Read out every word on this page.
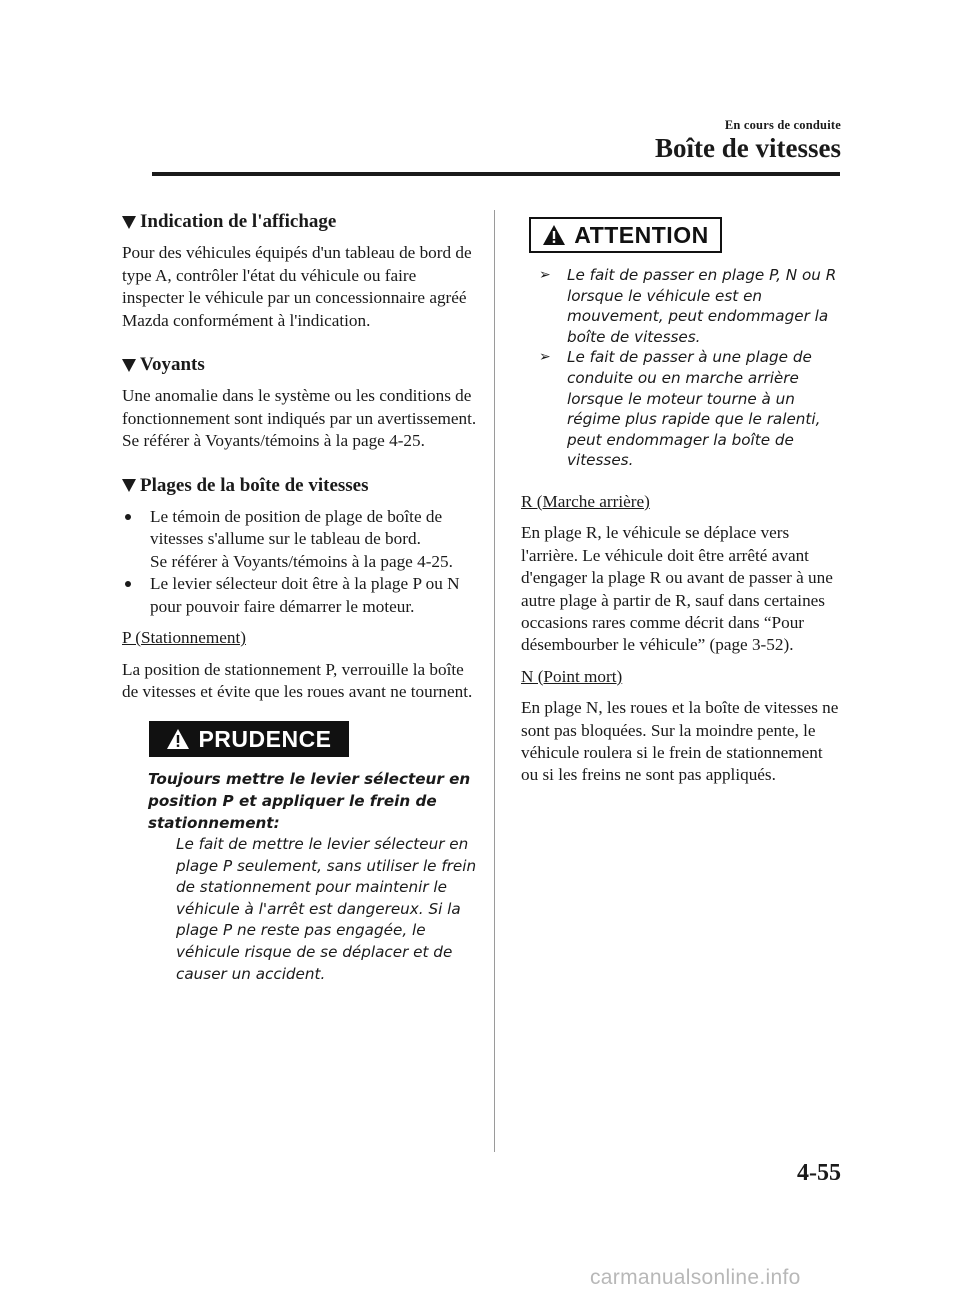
En cours de conduite
Boîte de vitesses
Indication de l'affichage

Pour des véhicules équipés d'un tableau de bord de type A, contrôler l'état du véhicule ou faire inspecter le véhicule par un concessionnaire agréé Mazda conformément à l'indication.

Voyants

Une anomalie dans le système ou les conditions de fonctionnement sont indiqués par un avertissement.

Se référer à Voyants/témoins à la page 4-25.

Plages de la boîte de vitesses
Le témoin de position de plage de boîte de vitesses s'allume sur le tableau de bord.
Se référer à Voyants/témoins à la page 4-25.
Le levier sélecteur doit être à la plage P ou N pour pouvoir faire démarrer le moteur.

P (Stationnement)

La position de stationnement P, verrouille la boîte de vitesses et évite que les roues avant ne tournent.

PRUDENCE
Toujours mettre le levier sélecteur en position P et appliquer le frein de stationnement:
Le fait de mettre le levier sélecteur en plage P seulement, sans utiliser le frein de stationnement pour maintenir le véhicule à l'arrêt est dangereux. Si la plage P ne reste pas engagée, le véhicule risque de se déplacer et de causer un accident.
ATTENTION
➢ Le fait de passer en plage P, N ou R lorsque le véhicule est en mouvement, peut endommager la boîte de vitesses.
➢ Le fait de passer à une plage de conduite ou en marche arrière lorsque le moteur tourne à un régime plus rapide que le ralenti, peut endommager la boîte de vitesses.

R (Marche arrière)

En plage R, le véhicule se déplace vers l'arrière. Le véhicule doit être arrêté avant d'engager la plage R ou avant de passer à une autre plage à partir de R, sauf dans certaines occasions rares comme décrit dans “Pour désembourber le véhicule” (page 3-52).

N (Point mort)

En plage N, les roues et la boîte de vitesses ne sont pas bloquées. Sur la moindre pente, le véhicule roulera si le frein de stationnement ou si les freins ne sont pas appliqués.

4-55
carmanualsonline.info
